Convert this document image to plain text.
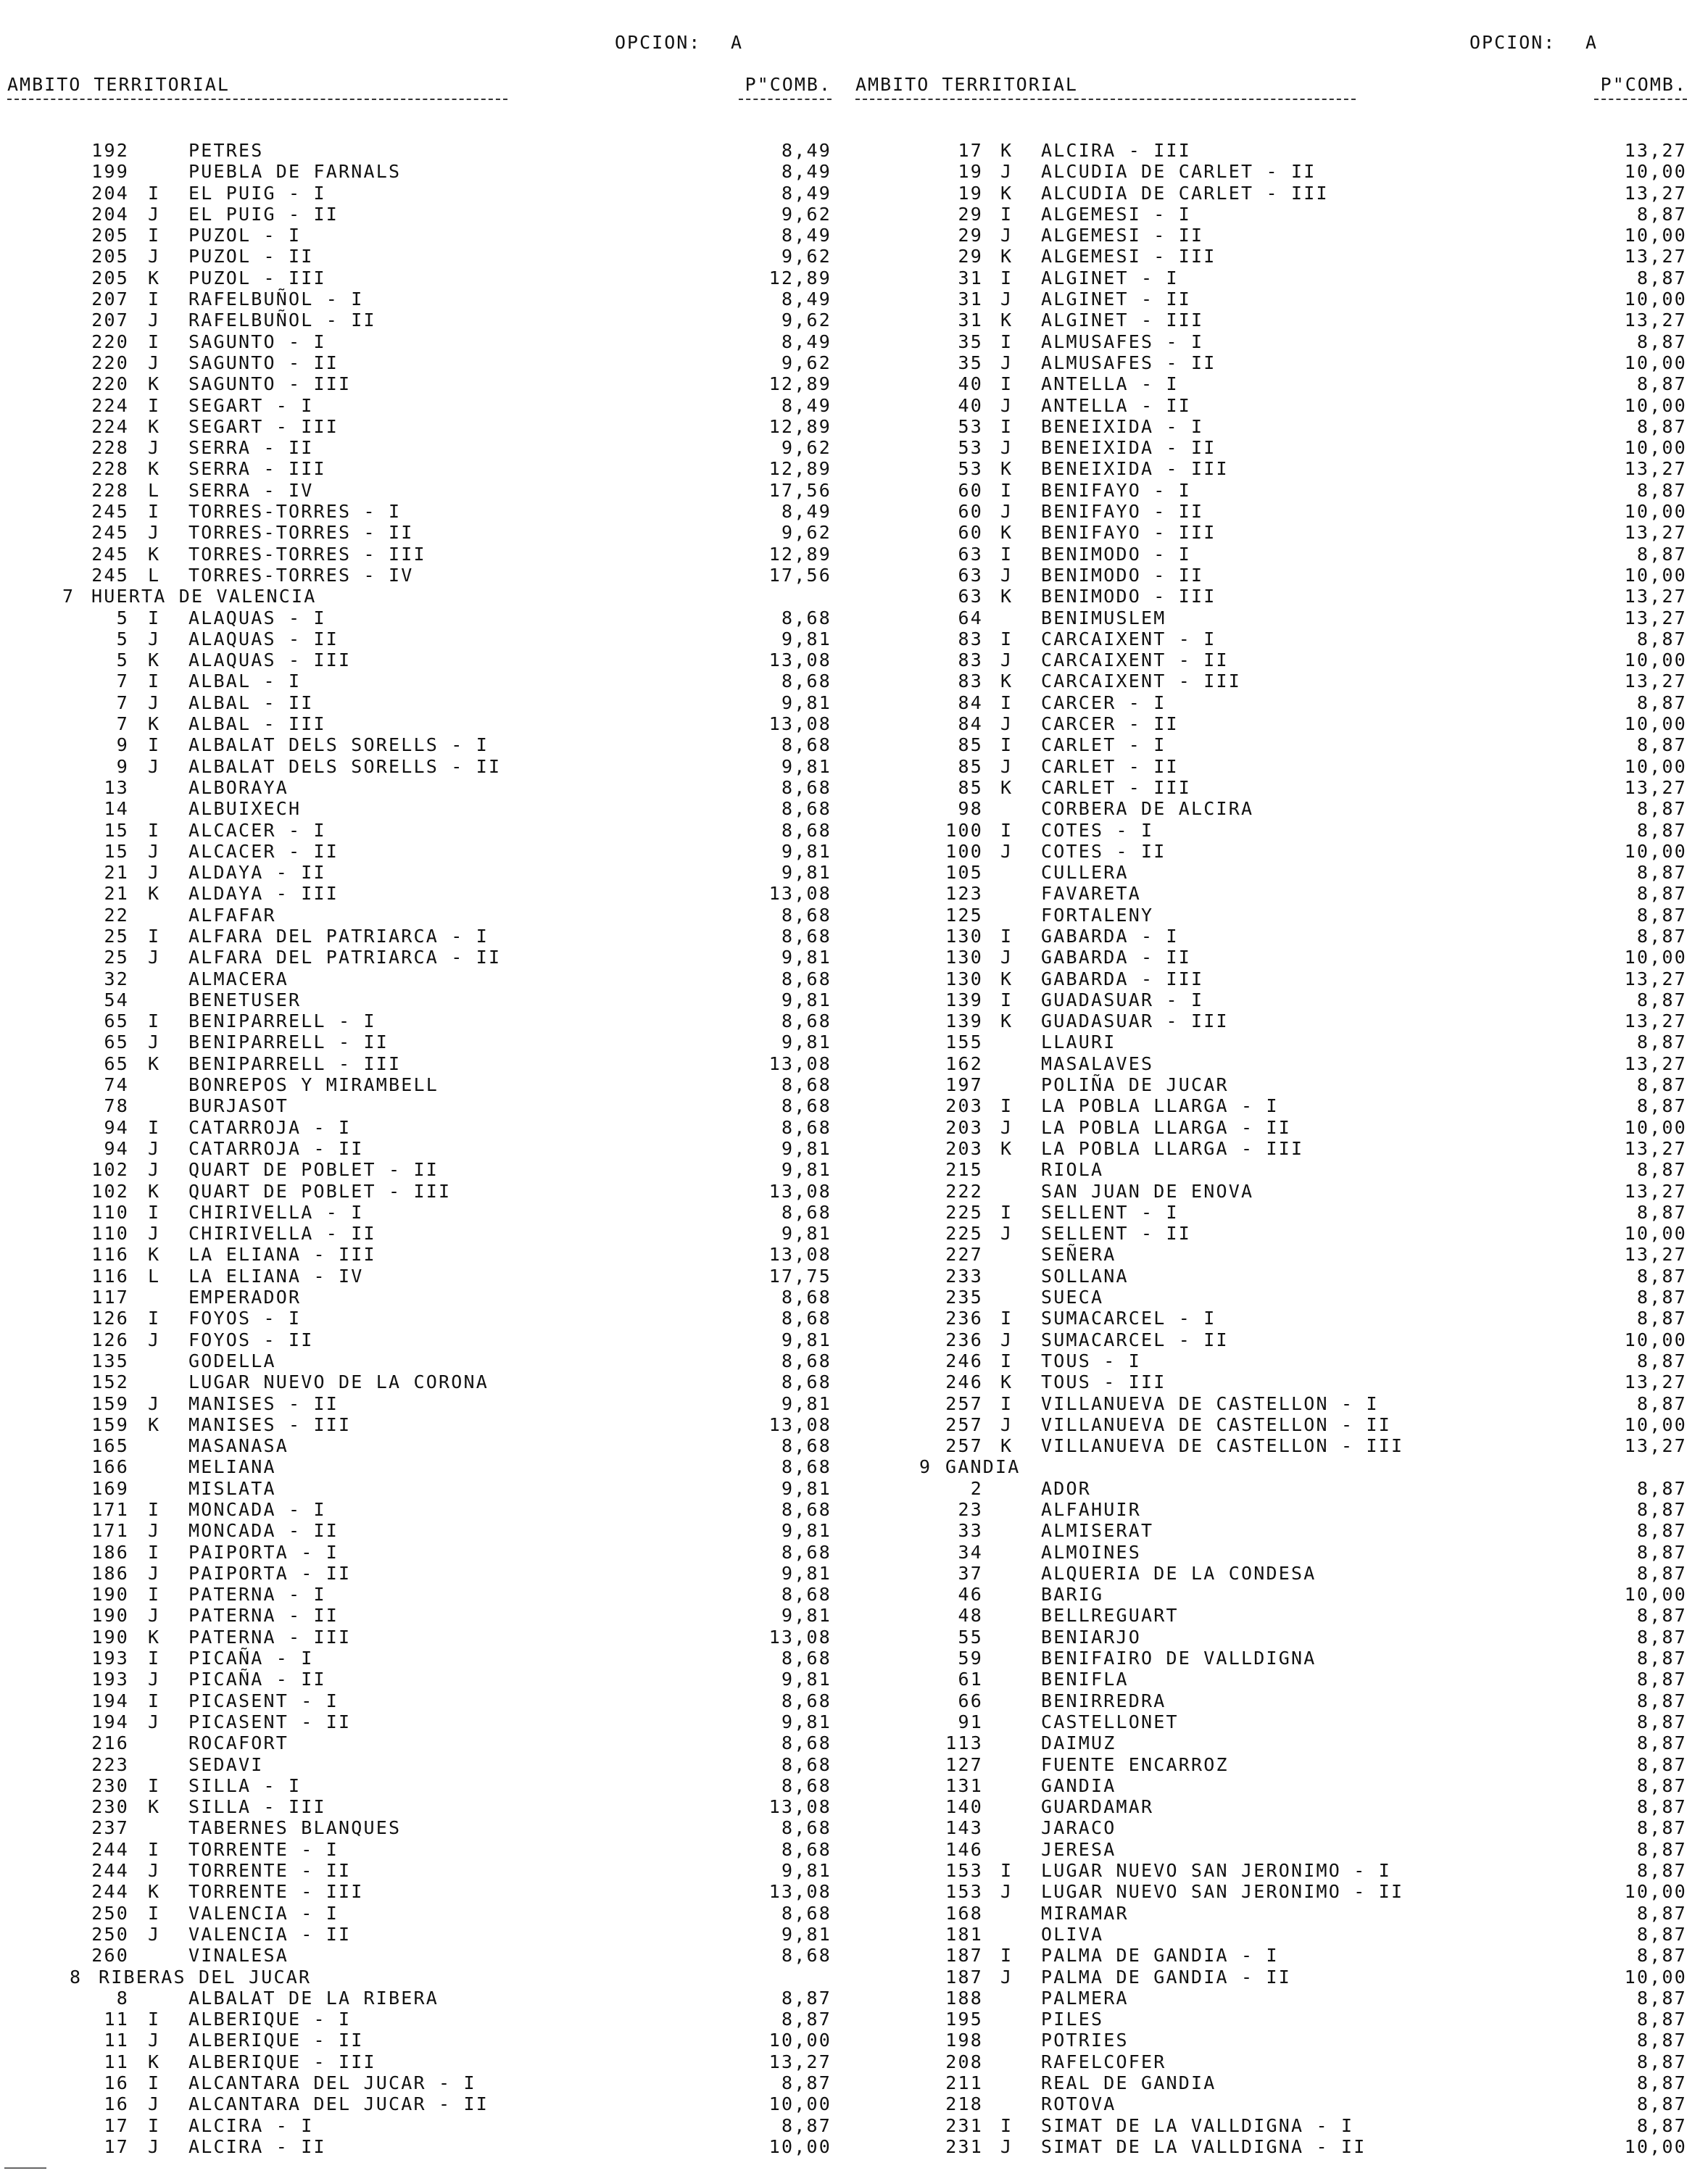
OPCION: A
AMBITO TERRITORIAL	P"COMB.
192	PETRES	8,49
199	PUEBLA DE FARNALS	8,49
204 I	EL PUIG - I	8,49
204 J	EL PUIG - II	9,62
205 I	PUZOL - I	8,49
205 J	PUZOL - II	9,62
205 K	PUZOL - III	12,89
207 I	RAFELBUÑOL - I	8,49
207 J	RAFELBUÑOL - II	9,62
220 I	SAGUNTO - I	8,49
220 J	SAGUNTO - II	9,62
220 K	SAGUNTO - III	12,89
224 I	SEGART - I	8,49
224 K	SEGART - III	12,89
228 J	SERRA - II	9,62
228 K	SERRA - III	12,89
228 L	SERRA - IV	17,56
245 I	TORRES-TORRES - I	8,49
245 J	TORRES-TORRES - II	9,62
245 K	TORRES-TORRES - III	12,89
245 L	TORRES-TORRES - IV	17,56
7 HUERTA DE VALENCIA
5 I	ALAQUAS - I	8,68
5 J	ALAQUAS - II	9,81
5 K	ALAQUAS - III	13,08
7 I	ALBAL - I	8,68
7 J	ALBAL - II	9,81
7 K	ALBAL - III	13,08
9 I	ALBALAT DELS SORELLS - I	8,68
9 J	ALBALAT DELS SORELLS - II	9,81
13	ALBORAYA	8,68
14	ALBUIXECH	8,68
15 I	ALCACER - I	8,68
15 J	ALCACER - II	9,81
21 J	ALDAYA - II	9,81
21 K	ALDAYA - III	13,08
22	ALFAFAR	8,68
25 I	ALFARA DEL PATRIARCA - I	8,68
25 J	ALFARA DEL PATRIARCA - II	9,81
32	ALMACERA	8,68
54	BENETUSER	9,81
65 I	BENIPARRELL - I	8,68
65 J	BENIPARRELL - II	9,81
65 K	BENIPARRELL - III	13,08
74	BONREPOS Y MIRAMBELL	8,68
78	BURJASOT	8,68
94 I	CATARROJA - I	8,68
94 J	CATARROJA - II	9,81
102 J	QUART DE POBLET - II	9,81
102 K	QUART DE POBLET - III	13,08
110 I	CHIRIVELLA - I	8,68
110 J	CHIRIVELLA - II	9,81
116 K	LA ELIANA - III	13,08
116 L	LA ELIANA - IV	17,75
117	EMPERADOR	8,68
126 I	FOYOS - I	8,68
126 J	FOYOS - II	9,81
135	GODELLA	8,68
152	LUGAR NUEVO DE LA CORONA	8,68
159 J	MANISES - II	9,81
159 K	MANISES - III	13,08
165	MASANASA	8,68
166	MELIANA	8,68
169	MISLATA	9,81
171 I	MONCADA - I	8,68
171 J	MONCADA - II	9,81
186 I	PAIPORTA - I	8,68
186 J	PAIPORTA - II	9,81
190 I	PATERNA - I	8,68
190 J	PATERNA - II	9,81
190 K	PATERNA - III	13,08
193 I	PICAÑA - I	8,68
193 J	PICAÑA - II	9,81
194 I	PICASENT - I	8,68
194 J	PICASENT - II	9,81
216	ROCAFORT	8,68
223	SEDAVI	8,68
230 I	SILLA - I	8,68
230 K	SILLA - III	13,08
237	TABERNES BLANQUES	8,68
244 I	TORRENTE - I	8,68
244 J	TORRENTE - II	9,81
244 K	TORRENTE - III	13,08
250 I	VALENCIA - I	8,68
250 J	VALENCIA - II	9,81
260	VINALESA	8,68
8 RIBERAS DEL JUCAR
8	ALBALAT DE LA RIBERA	8,87
11 I	ALBERIQUE - I	8,87
11 J	ALBERIQUE - II	10,00
11 K	ALBERIQUE - III	13,27
16 I	ALCANTARA DEL JUCAR - I	8,87
16 J	ALCANTARA DEL JUCAR - II	10,00
17 I	ALCIRA - I	8,87
17 J	ALCIRA - II	10,00
OPCION: A
AMBITO TERRITORIAL	P"COMB.
17 K	ALCIRA - III	13,27
19 J	ALCUDIA DE CARLET - II	10,00
19 K	ALCUDIA DE CARLET - III	13,27
29 I	ALGEMESI - I	8,87
29 J	ALGEMESI - II	10,00
29 K	ALGEMESI - III	13,27
31 I	ALGINET - I	8,87
31 J	ALGINET - II	10,00
31 K	ALGINET - III	13,27
35 I	ALMUSAFES - I	8,87
35 J	ALMUSAFES - II	10,00
40 I	ANTELLA - I	8,87
40 J	ANTELLA - II	10,00
53 I	BENEIXIDA - I	8,87
53 J	BENEIXIDA - II	10,00
53 K	BENEIXIDA - III	13,27
60 I	BENIFAYO - I	8,87
60 J	BENIFAYO - II	10,00
60 K	BENIFAYO - III	13,27
63 I	BENIMODO - I	8,87
63 J	BENIMODO - II	10,00
63 K	BENIMODO - III	13,27
64	BENIMUSLEM	13,27
83 I	CARCAIXENT - I	8,87
83 J	CARCAIXENT - II	10,00
83 K	CARCAIXENT - III	13,27
84 I	CARCER - I	8,87
84 J	CARCER - II	10,00
85 I	CARLET - I	8,87
85 J	CARLET - II	10,00
85 K	CARLET - III	13,27
98	CORBERA DE ALCIRA	8,87
100 I	COTES - I	8,87
100 J	COTES - II	10,00
105	CULLERA	8,87
123	FAVARETA	8,87
125	FORTALENY	8,87
130 I	GABARDA - I	8,87
130 J	GABARDA - II	10,00
130 K	GABARDA - III	13,27
139 I	GUADASUAR - I	8,87
139 K	GUADASUAR - III	13,27
155	LLAURI	8,87
162	MASALAVES	13,27
197	POLIÑA DE JUCAR	8,87
203 I	LA POBLA LLARGA - I	8,87
203 J	LA POBLA LLARGA - II	10,00
203 K	LA POBLA LLARGA - III	13,27
215	RIOLA	8,87
222	SAN JUAN DE ENOVA	13,27
225 I	SELLENT - I	8,87
225 J	SELLENT - II	10,00
227	SEÑERA	13,27
233	SOLLANA	8,87
235	SUECA	8,87
236 I	SUMACARCEL - I	8,87
236 J	SUMACARCEL - II	10,00
246 I	TOUS - I	8,87
246 K	TOUS - III	13,27
257 I	VILLANUEVA DE CASTELLON - I	8,87
257 J	VILLANUEVA DE CASTELLON - II	10,00
257 K	VILLANUEVA DE CASTELLON - III	13,27
9 GANDIA
2	ADOR	8,87
23	ALFAHUIR	8,87
33	ALMISERAT	8,87
34	ALMOINES	8,87
37	ALQUERIA DE LA CONDESA	8,87
46	BARIG	10,00
48	BELLREGUART	8,87
55	BENIARJO	8,87
59	BENIFAIRO DE VALLDIGNA	8,87
61	BENIFLA	8,87
66	BENIRREDRA	8,87
91	CASTELLONET	8,87
113	DAIMUZ	8,87
127	FUENTE ENCARROZ	8,87
131	GANDIA	8,87
140	GUARDAMAR	8,87
143	JARACO	8,87
146	JERESA	8,87
153 I	LUGAR NUEVO SAN JERONIMO - I	8,87
153 J	LUGAR NUEVO SAN JERONIMO - II	10,00
168	MIRAMAR	8,87
181	OLIVA	8,87
187 I	PALMA DE GANDIA - I	8,87
187 J	PALMA DE GANDIA - II	10,00
188	PALMERA	8,87
195	PILES	8,87
198	POTRIES	8,87
208	RAFELCOFER	8,87
211	REAL DE GANDIA	8,87
218	ROTOVA	8,87
231 I	SIMAT DE LA VALLDIGNA - I	8,87
231 J	SIMAT DE LA VALLDIGNA - II	10,00
